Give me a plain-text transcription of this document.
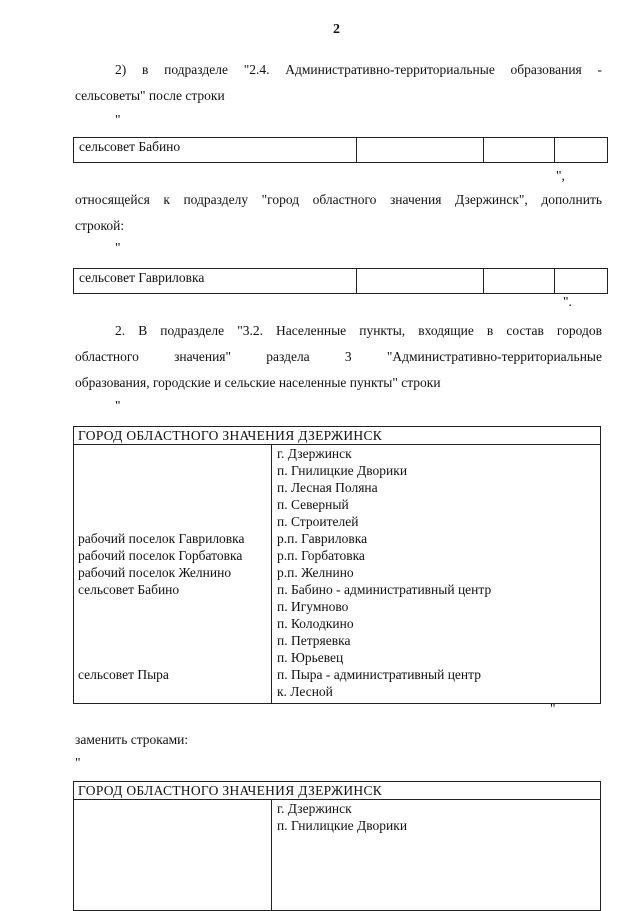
2
2) в подразделе "2.4. Административно-территориальные образования -
сельсоветы" после строки
"
сельсовет Бабино			
",
относящейся к подразделу "город областного значения Дзержинск", дополнить
строкой:
"
сельсовет Гавриловка			
".
2. В подразделе "3.2. Населенные пункты, входящие в состав городов
областного	значения"	раздела	3	"Административно-территориальные
образования, городские и сельские населенные пункты" строки
"
ГОРОД ОБЛАСТНОГО ЗНАЧЕНИЯ ДЗЕРЖИНСК
г. Дзержинск
п. Гнилицкие Дворики
п. Лесная Поляна
п. Северный
п. Строителей
рабочий поселок Гавриловка р.п. Гавриловка
рабочий поселок Горбатовка	р.п. Горбатовка
рабочий поселок Желнино	р.п. Желнино
сельсовет Бабино	п. Бабино - административный центр
п. Игумново
п. Колодкино
п. Петряевка
п. Юрьевец
сельсовет Пыра	п. Пыра - административный центр
к. Лесной
"
заменить строками:
"
ГОРОД ОБЛАСТНОГО ЗНАЧЕНИЯ ДЗЕРЖИНСК
г. Дзержинск
п. Гнилицкие Дворики
